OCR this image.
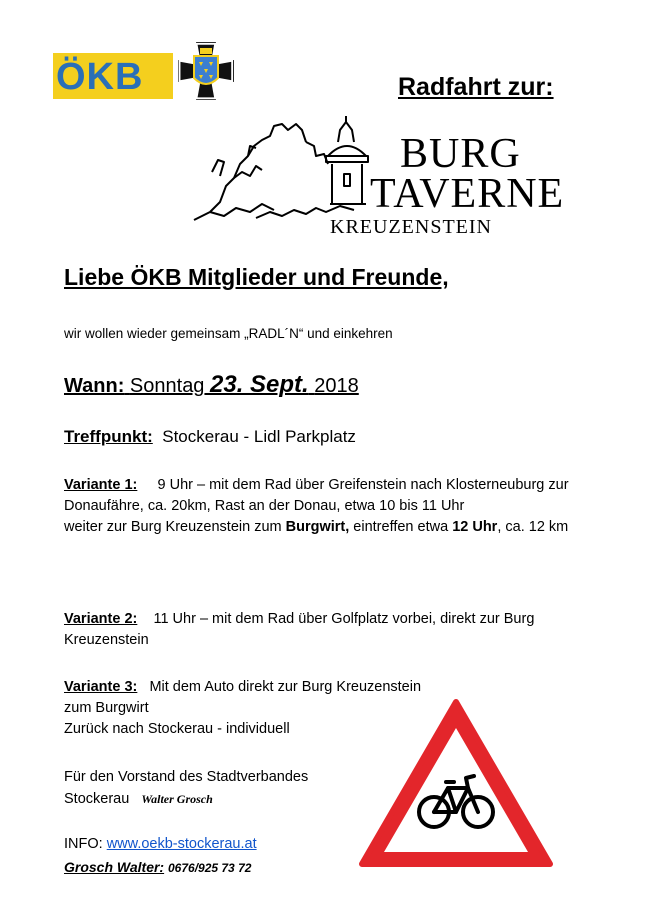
ÖKB	Radfahrt zur:
BURG
TAVERNE
KREUZENSTEIN
Liebe ÖKB Mitglieder und Freunde,
wir wollen wieder gemeinsam „RADL´N“ und einkehren
Wann: Sonntag 23. Sept. 2018
Treffpunkt: Stockerau - Lidl Parkplatz
Variante 1: 9 Uhr – mit dem Rad über Greifenstein nach Klosterneuburg zur Donaufähre, ca. 20km, Rast an der Donau, etwa 10 bis 11 Uhr
weiter zur Burg Kreuzenstein zum Burgwirt, eintreffen etwa 12 Uhr, ca. 12 km
Variante 2: 11 Uhr – mit dem Rad über Golfplatz vorbei, direkt zur Burg Kreuzenstein
Variante 3: Mit dem Auto direkt zur Burg Kreuzenstein
zum Burgwirt
Zurück nach Stockerau - individuell
Für den Vorstand des Stadtverbandes
Stockerau Walter Grosch
INFO: www.oekb-stockerau.at
Grosch Walter: 0676/925 73 72
